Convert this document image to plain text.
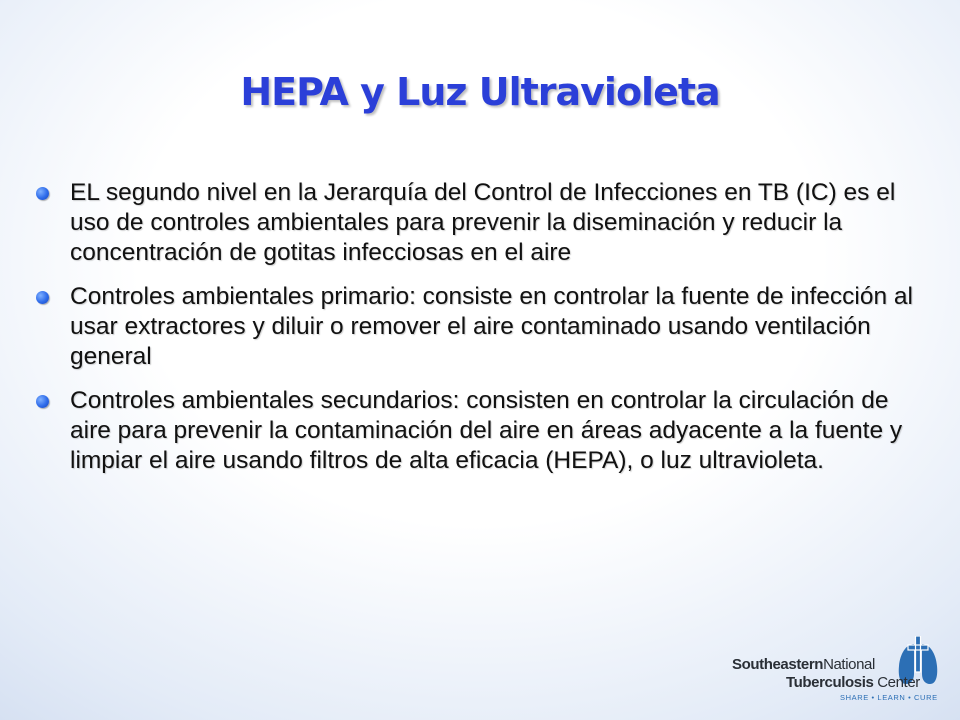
HEPA y Luz Ultravioleta
EL segundo nivel en la Jerarquía del Control de Infecciones en TB (IC) es el uso de controles ambientales para prevenir la diseminación y reducir la concentración de gotitas infecciosas en el aire
Controles ambientales primario: consiste en controlar la fuente de infección al usar extractores y diluir o remover el aire contaminado usando ventilación general
Controles ambientales secundarios: consisten en controlar la circulación de aire para prevenir la contaminación del aire en áreas adyacente a la fuente y limpiar el aire usando filtros de alta eficacia (HEPA), o luz ultravioleta.
SoutheasternNational
Tuberculosis Center
SHARE • LEARN • CURE
